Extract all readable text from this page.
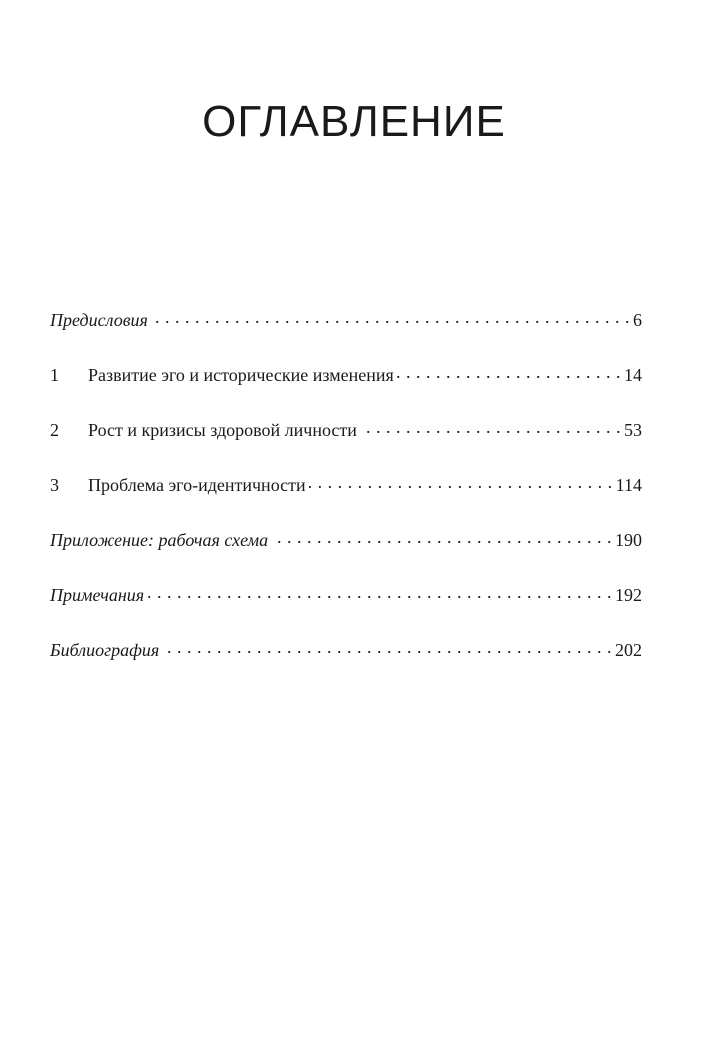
ОГЛАВЛЕНИЕ
Предисловия . . .	6
1	Развитие эго и исторические изменения . . .	14
2	Рост и кризисы здоровой личности . . .	53
3	Проблема эго-идентичности . . .	114
Приложение: рабочая схема . . .	190
Примечания . . .	192
Библиография . . .	202
